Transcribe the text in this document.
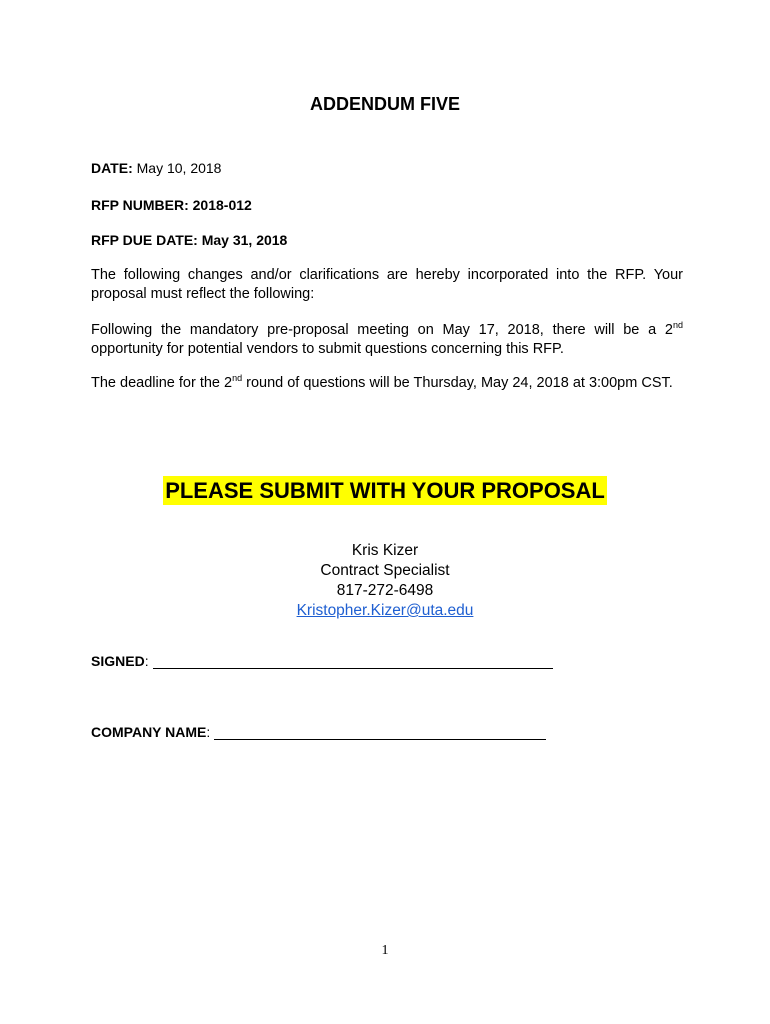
ADDENDUM FIVE
DATE: May 10, 2018
RFP NUMBER: 2018-012
RFP DUE DATE: May 31, 2018
The following changes and/or clarifications are hereby incorporated into the RFP. Your proposal must reflect the following:
Following the mandatory pre-proposal meeting on May 17, 2018, there will be a 2nd opportunity for potential vendors to submit questions concerning this RFP.
The deadline for the 2nd round of questions will be Thursday, May 24, 2018 at 3:00pm CST.
PLEASE SUBMIT WITH YOUR PROPOSAL
Kris Kizer
Contract Specialist
817-272-6498
Kristopher.Kizer@uta.edu
SIGNED :
COMPANY NAME :
1
